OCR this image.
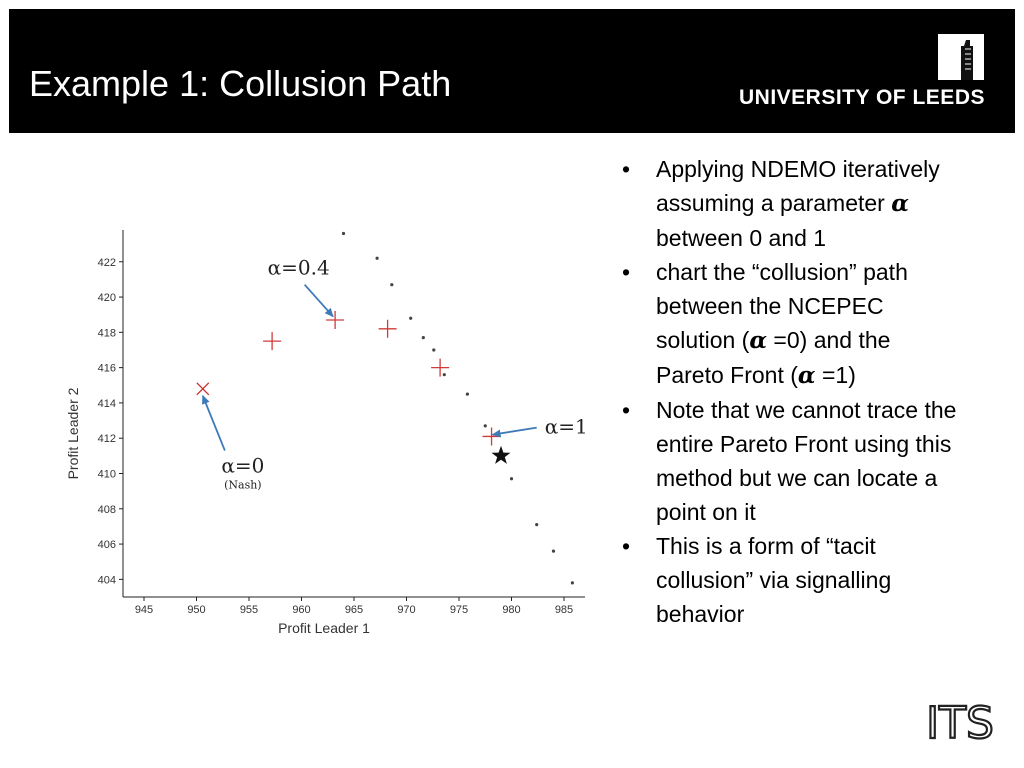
Example 1: Collusion Path	UNIVERSITY OF LEEDS
945	950	955	960	965	970	975	980	985
404
406
408
410
412
414
416
418
420
422
Profit Leader 1
Profit Leader 2
α=0.4
α=0
(Nash)
α=1
• Applying NDEMO iteratively assuming a parameter α between 0 and 1
• chart the “collusion” path between the NCEPEC solution (α =0) and the Pareto Front (α =1)
• Note that we cannot trace the entire Pareto Front using this method but we can locate a point on it
• This is a form of “tacit collusion” via signalling behavior
ITS
